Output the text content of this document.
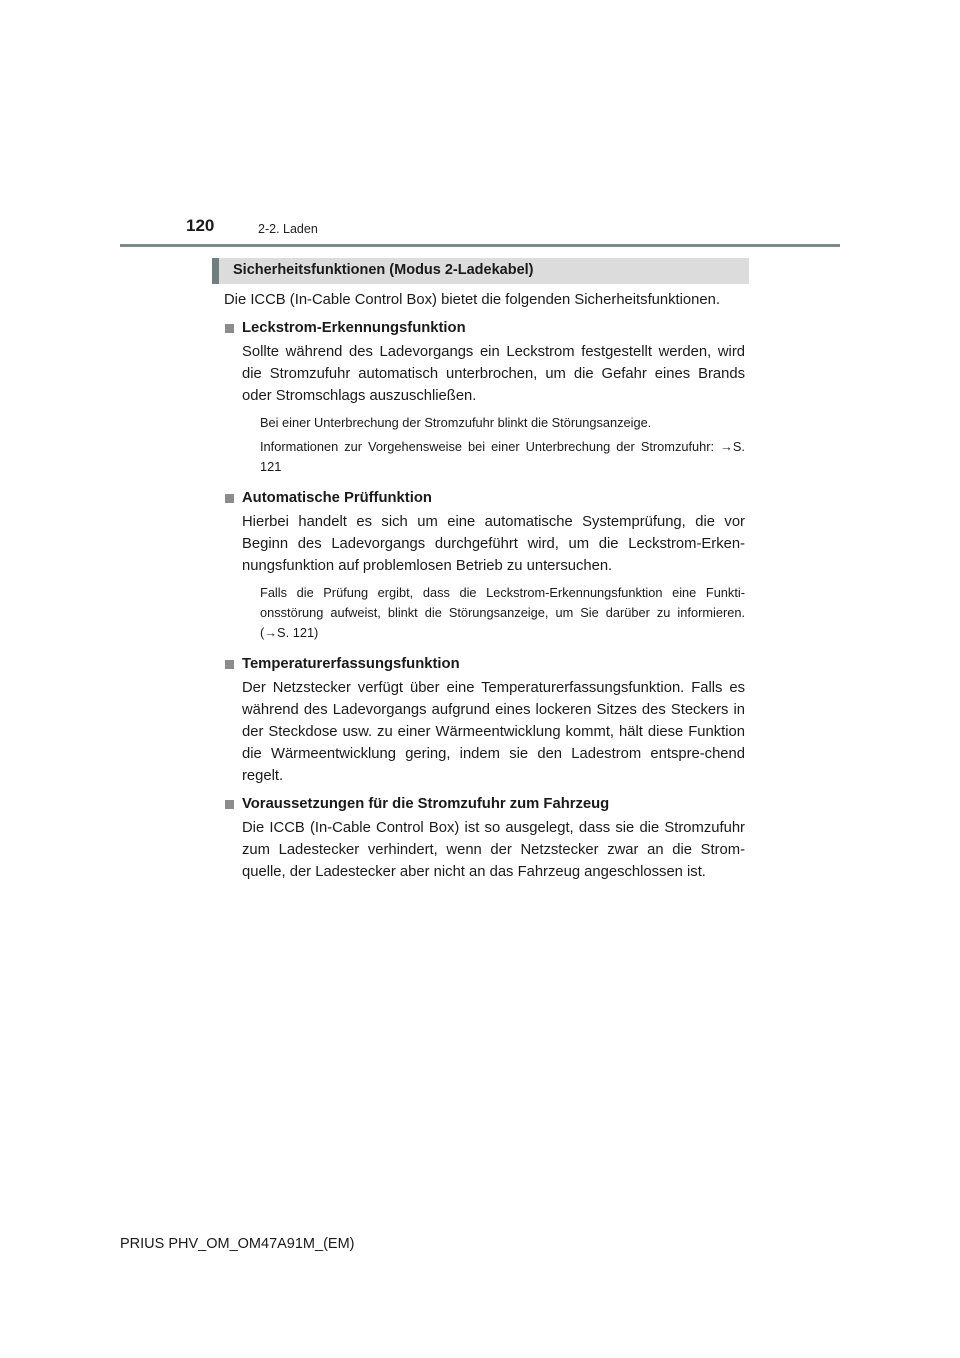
120	2-2. Laden
Sicherheitsfunktionen (Modus 2-Ladekabel)

Die ICCB (In-Cable Control Box) bietet die folgenden Sicherheitsfunktionen.

Leckstrom-Erkennungsfunktion

Sollte während des Ladevorgangs ein Leckstrom festgestellt werden, wird die Stromzufuhr automatisch unterbrochen, um die Gefahr eines Brands oder Stromschlags auszuschließen.

Bei einer Unterbrechung der Stromzufuhr blinkt die Störungsanzeige.

Informationen zur Vorgehensweise bei einer Unterbrechung der Stromzufuhr: →S. 121

Automatische Prüffunktion

Hierbei handelt es sich um eine automatische Systemprüfung, die vor Beginn des Ladevorgangs durchgeführt wird, um die Leckstrom-Erken-nungsfunktion auf problemlosen Betrieb zu untersuchen.

Falls die Prüfung ergibt, dass die Leckstrom-Erkennungsfunktion eine Funkti-onsstörung aufweist, blinkt die Störungsanzeige, um Sie darüber zu informieren. (→S. 121)

Temperaturerfassungsfunktion

Der Netzstecker verfügt über eine Temperaturerfassungsfunktion. Falls es während des Ladevorgangs aufgrund eines lockeren Sitzes des Steckers in der Steckdose usw. zu einer Wärmeentwicklung kommt, hält diese Funktion die Wärmeentwicklung gering, indem sie den Ladestrom entspre-chend regelt.

Voraussetzungen für die Stromzufuhr zum Fahrzeug

Die ICCB (In-Cable Control Box) ist so ausgelegt, dass sie die Stromzufuhr zum Ladestecker verhindert, wenn der Netzstecker zwar an die Strom-quelle, der Ladestecker aber nicht an das Fahrzeug angeschlossen ist.

PRIUS PHV_OM_OM47A91M_(EM)
